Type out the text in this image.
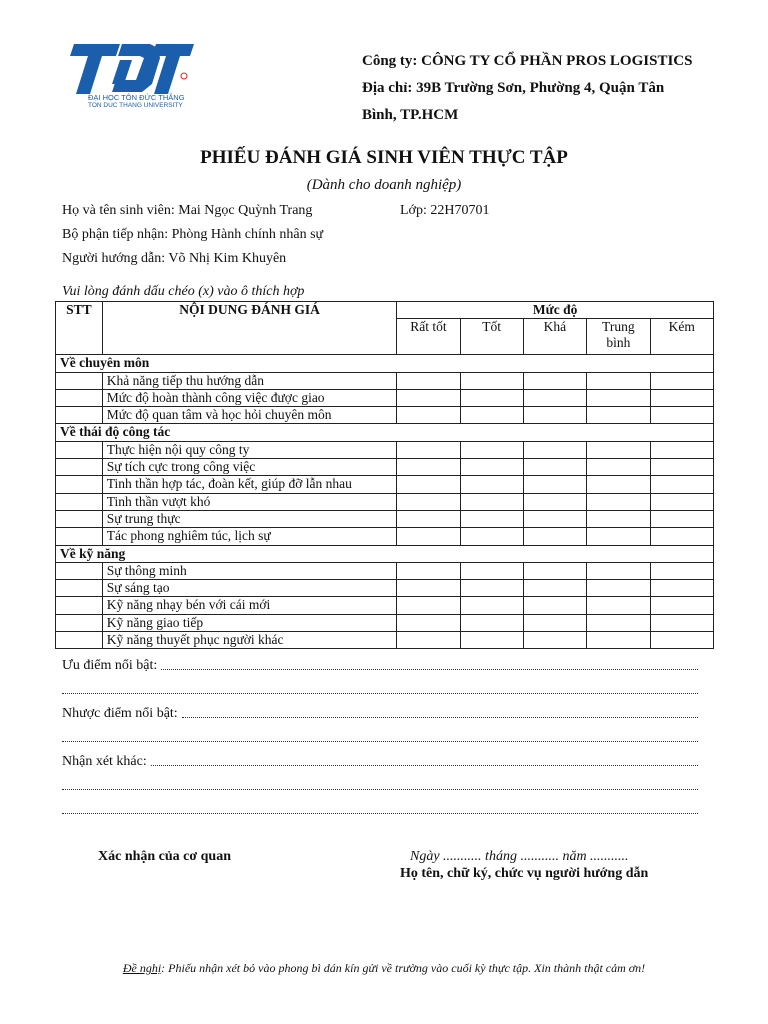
ĐẠI HỌC TÔN ĐỨC THẮNG
TON DUC THANG UNIVERSITY
Công ty: CÔNG TY CỔ PHẦN PROS LOGISTICS
Địa chỉ: 39B Trường Sơn, Phường 4, Quận Tân
Bình, TP.HCM
PHIẾU ĐÁNH GIÁ SINH VIÊN THỰC TẬP
(Dành cho doanh nghiệp)
Họ và tên sinh viên: Mai Ngọc Quỳnh Trang	Lớp: 22H70701
Bộ phận tiếp nhận: Phòng Hành chính nhân sự
Người hướng dẫn: Võ Nhị Kim Khuyên
Vui lòng đánh dấu chéo (x) vào ô thích hợp
STT	NỘI DUNG ĐÁNH GIÁ	Mức độ				
		Rất tốt	Tốt	Khá	Trung bình	Kém
Về chuyên môn						
	Khả năng tiếp thu hướng dẫn					
	Mức độ hoàn thành công việc được giao					
	Mức độ quan tâm và học hỏi chuyên môn					
Về thái độ công tác						
	Thực hiện nội quy công ty					
	Sự tích cực trong công việc					
	Tinh thần hợp tác, đoàn kết, giúp đỡ lẫn nhau					
	Tinh thần vượt khó					
	Sự trung thực					
	Tác phong nghiêm túc, lịch sự					
Về kỹ năng						
	Sự thông minh					
	Sự sáng tạo					
	Kỹ năng nhạy bén với cái mới					
	Kỹ năng giao tiếp					
	Kỹ năng thuyết phục người khác					
Ưu điểm nổi bật:
Nhược điểm nổi bật:
Nhận xét khác:
Xác nhận của cơ quan	Ngày ........... tháng ........... năm ...........
Họ tên, chữ ký, chức vụ người hướng dẫn
Đề nghị: Phiếu nhận xét bỏ vào phong bì dán kín gửi về trường vào cuối kỳ thực tập. Xin thành thật cảm ơn!
